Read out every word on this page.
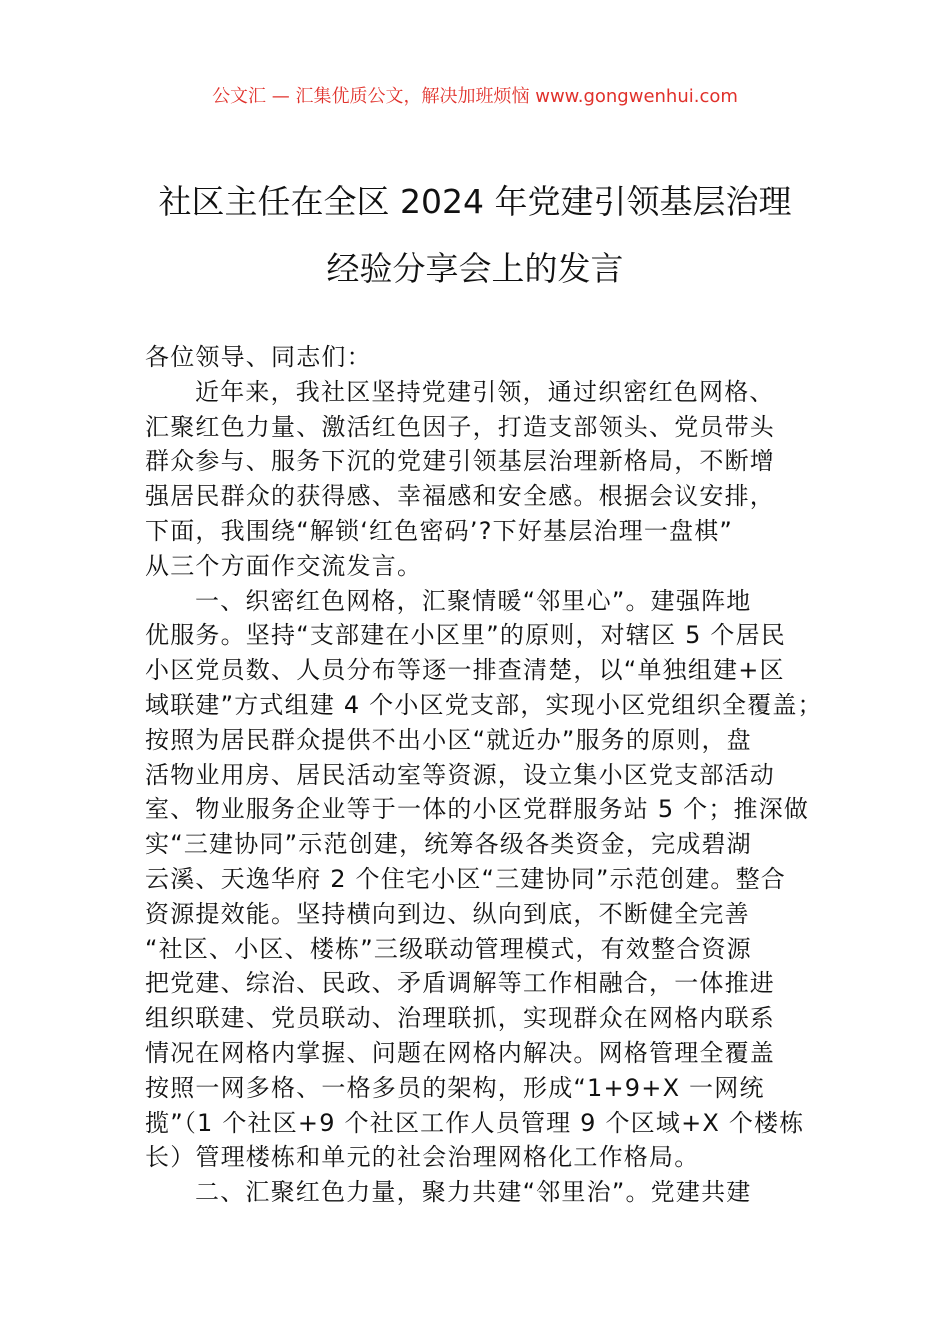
公文汇 — 汇集优质公文，解决加班烦恼 www.gongwenhui.com
社区主任在全区 2024 年党建引领基层治理
经验分享会上的发言
各位领导、同志们：
近年来，我社区坚持党建引领，通过织密红色网格、
汇聚红色力量、激活红色因子，打造支部领头、党员带头
群众参与、服务下沉的党建引领基层治理新格局，不断增
强居民群众的获得感、幸福感和安全感。根据会议安排，
下面，我围绕“解锁‘红色密码’?下好基层治理一盘棋”
从三个方面作交流发言。
一、织密红色网格，汇聚情暖“邻里心”。建强阵地
优服务。坚持“支部建在小区里”的原则，对辖区 5 个居民
小区党员数、人员分布等逐一排查清楚，以“单独组建+区
域联建”方式组建 4 个小区党支部，实现小区党组织全覆盖；
按照为居民群众提供不出小区“就近办”服务的原则，盘
活物业用房、居民活动室等资源，设立集小区党支部活动
室、物业服务企业等于一体的小区党群服务站 5 个；推深做
实“三建协同”示范创建，统筹各级各类资金，完成碧湖
云溪、天逸华府 2 个住宅小区“三建协同”示范创建。整合
资源提效能。坚持横向到边、纵向到底，不断健全完善
“社区、小区、楼栋”三级联动管理模式，有效整合资源
把党建、综治、民政、矛盾调解等工作相融合，一体推进
组织联建、党员联动、治理联抓，实现群众在网格内联系
情况在网格内掌握、问题在网格内解决。网格管理全覆盖
按照一网多格、一格多员的架构，形成“1+9+X 一网统
揽”（1 个社区+9 个社区工作人员管理 9 个区域+X 个楼栋
长）管理楼栋和单元的社会治理网格化工作格局。
二、汇聚红色力量，聚力共建“邻里治”。党建共建
